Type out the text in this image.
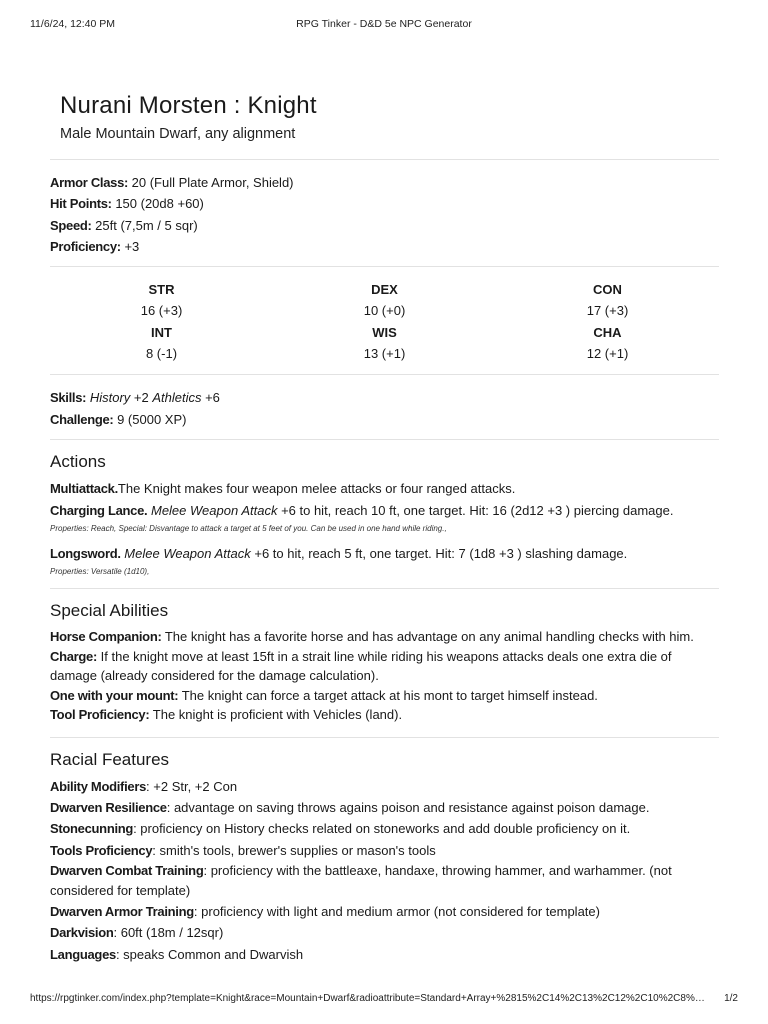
11/6/24, 12:40 PM	RPG Tinker - D&D 5e NPC Generator
Nurani Morsten : Knight
Male Mountain Dwarf, any alignment
Armor Class: 20 (Full Plate Armor, Shield)
Hit Points: 150 (20d8 +60)
Speed: 25ft (7,5m / 5 sqr)
Proficiency: +3
STR
16 (+3)
DEX
10 (+0)
CON
17 (+3)
INT
8 (-1)
WIS
13 (+1)
CHA
12 (+1)
Skills: History +2 Athletics +6
Challenge: 9 (5000 XP)
Actions
Multiattack.The Knight makes four weapon melee attacks or four ranged attacks.
Charging Lance. Melee Weapon Attack +6 to hit, reach 10 ft, one target. Hit: 16 (2d12 +3 ) piercing damage.
Properties: Reach, Special: Disvantage to attack a target at 5 feet of you. Can be used in one hand while riding.,
Longsword. Melee Weapon Attack +6 to hit, reach 5 ft, one target. Hit: 7 (1d8 +3 ) slashing damage.
Properties: Versatile (1d10),
Special Abilities
Horse Companion: The knight has a favorite horse and has advantage on any animal handling checks with him.
Charge: If the knight move at least 15ft in a strait line while riding his weapons attacks deals one extra die of damage (already considered for the damage calculation).
One with your mount: The knight can force a target attack at his mont to target himself instead.
Tool Proficiency: The knight is proficient with Vehicles (land).
Racial Features
Ability Modifiers: +2 Str, +2 Con
Dwarven Resilience: advantage on saving throws agains poison and resistance against poison damage.
Stonecunning: proficiency on History checks related on stoneworks and add double proficiency on it.
Tools Proficiency: smith's tools, brewer's supplies or mason's tools
Dwarven Combat Training: proficiency with the battleaxe, handaxe, throwing hammer, and warhammer. (not considered for template)
Dwarven Armor Training: proficiency with light and medium armor (not considered for template)
Darkvision: 60ft (18m / 12sqr)
Languages: speaks Common and Dwarvish
https://rpgtinker.com/index.php?template=Knight&race=Mountain+Dwarf&radioattribute=Standard+Array+%2815%2C14%2C13%2C12%2C10%2C8%…	1/2
